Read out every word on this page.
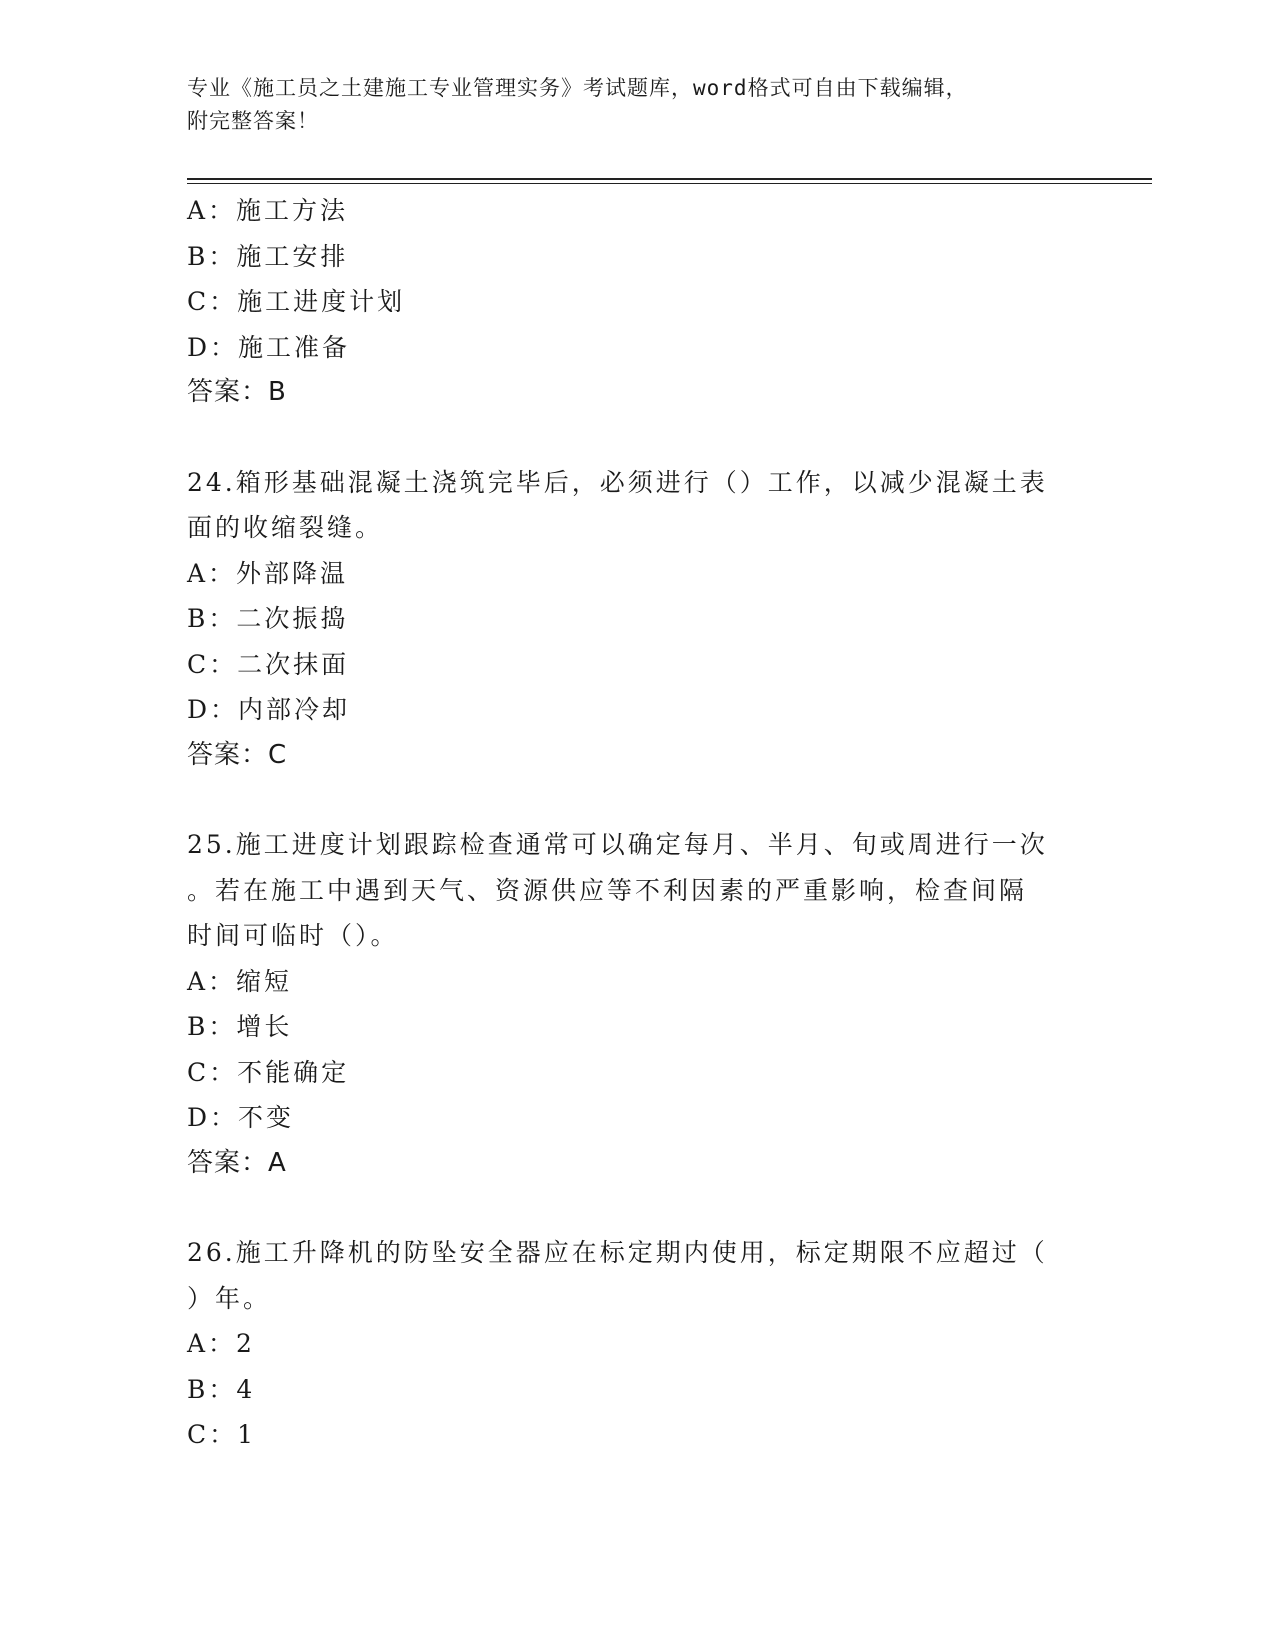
专业《施工员之土建施工专业管理实务》考试题库，word格式可自由下载编辑，
附完整答案！
A：施工方法
B：施工安排
C：施工进度计划
D：施工准备
答案：B
24.箱形基础混凝土浇筑完毕后，必须进行（）工作，以减少混凝土表
面的收缩裂缝。
A：外部降温
B：二次振捣
C：二次抹面
D：内部冷却
答案：C
25.施工进度计划跟踪检查通常可以确定每月、半月、旬或周进行一次
。若在施工中遇到天气、资源供应等不利因素的严重影响，检查间隔
时间可临时（）。
A：缩短
B：增长
C：不能确定
D：不变
答案：A
26.施工升降机的防坠安全器应在标定期内使用，标定期限不应超过（
）年。
A：2
B：4
C：1
